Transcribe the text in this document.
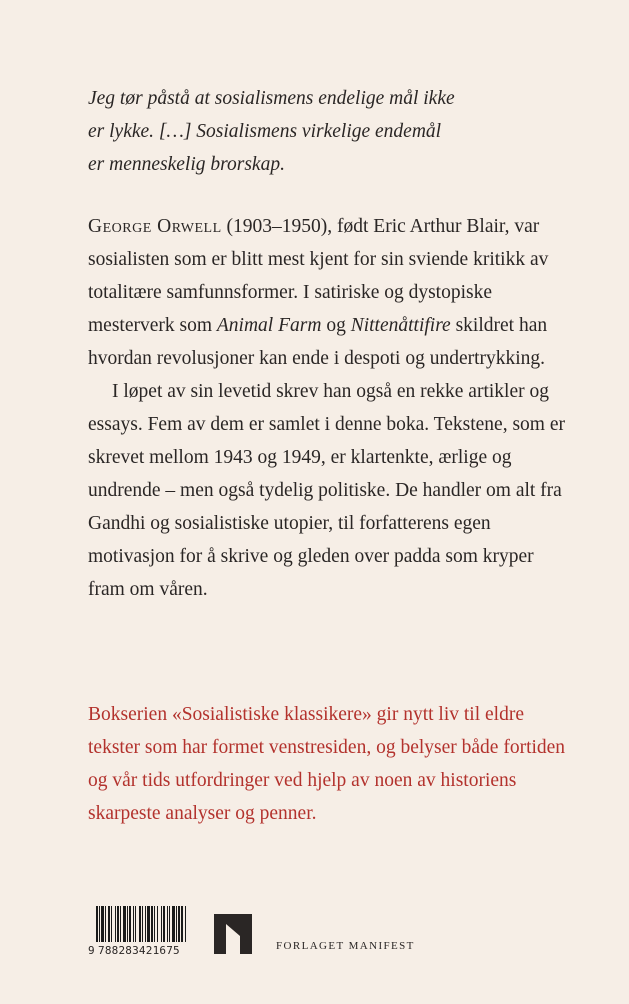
Jeg tør påstå at sosialismens endelige mål ikke
er lykke. […] Sosialismens virkelige endemål
er menneskelig brorskap.

George Orwell (1903–1950), født Eric Arthur Blair, var sosialisten som er blitt mest kjent for sin sviende kritikk av totalitære samfunnsformer. I satiriske og dystopiske mesterverk som Animal Farm og Nittenåttifire skildret han hvordan revolusjoner kan ende i despoti og undertrykking.

I løpet av sin levetid skrev han også en rekke artikler og essays. Fem av dem er samlet i denne boka. Tekstene, som er skrevet mellom 1943 og 1949, er klartenkte, ærlige og undrende – men også tydelig politiske. De handler om alt fra Gandhi og sosialistiske utopier, til forfatterens egen motivasjon for å skrive og gleden over padda som kryper fram om våren.

Bokserien «Sosialistiske klassikere» gir nytt liv til eldre tekster som har formet venstresiden, og belyser både fortiden og vår tids utfordringer ved hjelp av noen av historiens skarpeste analyser og penner.

9 788283421675	FORLAGET MANIFEST
